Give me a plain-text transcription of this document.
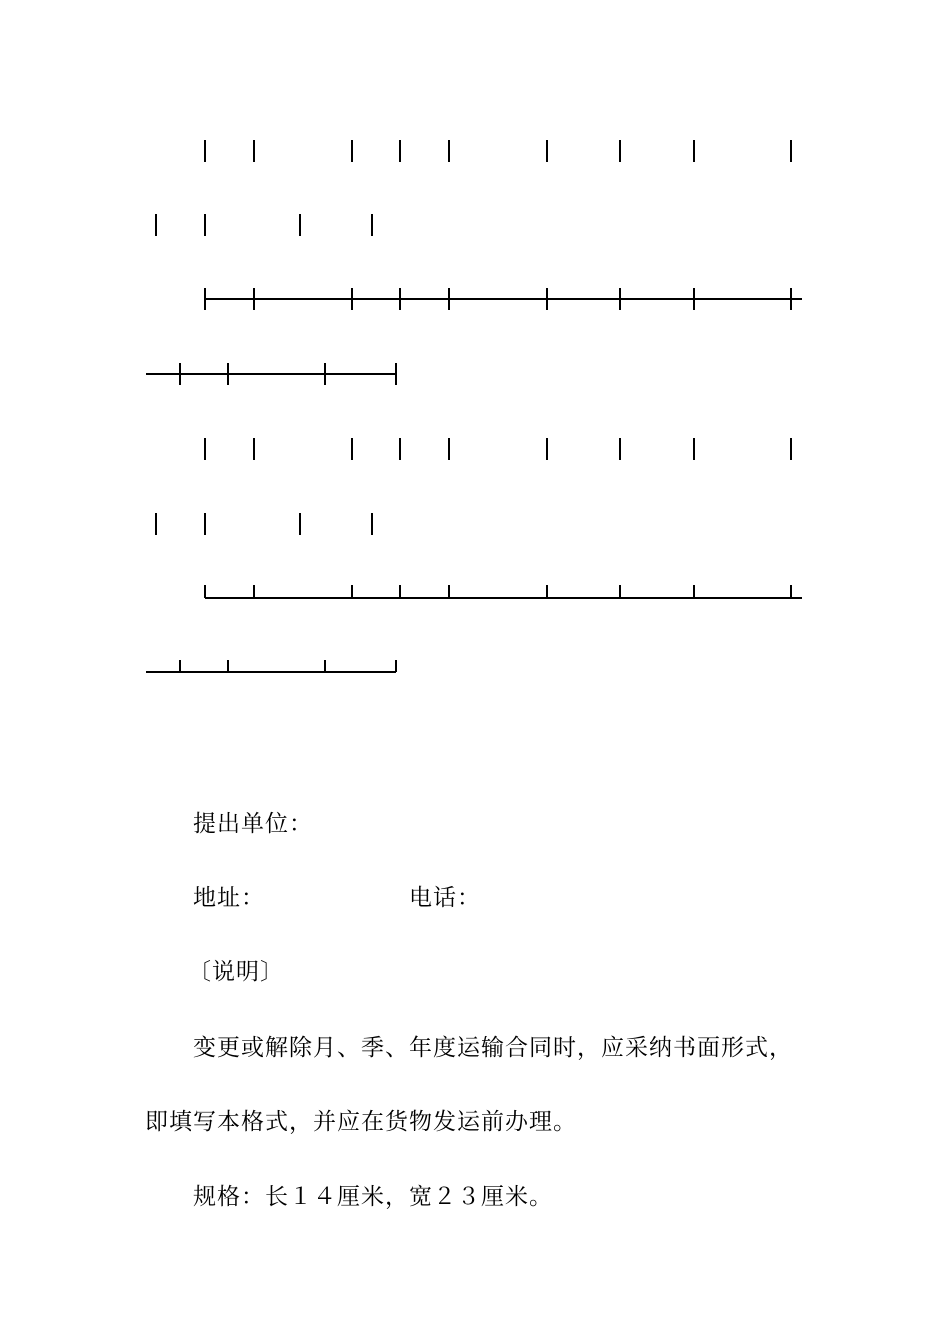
提出单位：
地址：	电话：
〔说明〕
变更或解除月、季、年度运输合同时，应采纳书面形式，
即填写本格式，并应在货物发运前办理。
规格：长１４厘米，宽２３厘米。
